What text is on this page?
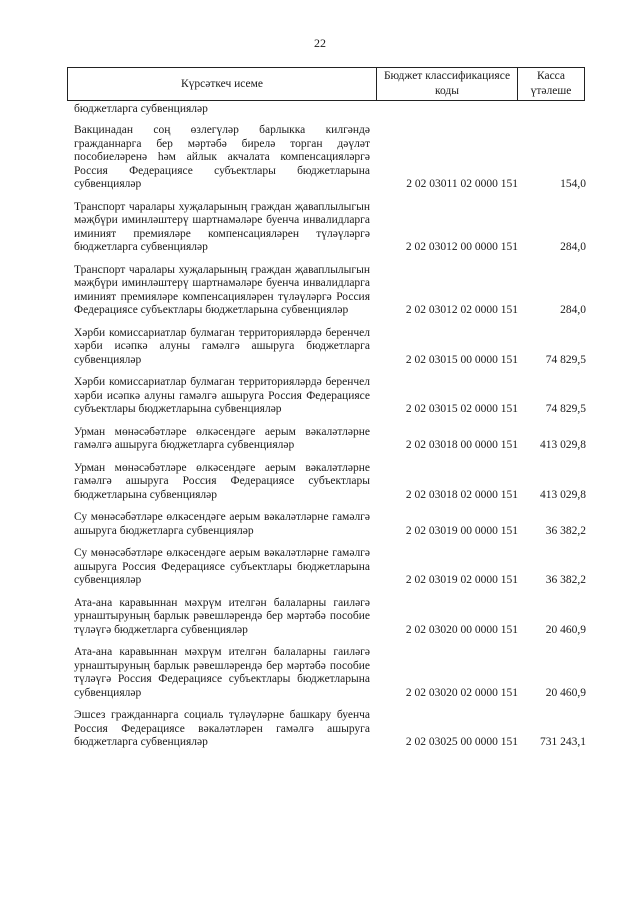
22
Күрсәткеч исеме
Бюджет классификациясе коды
Касса үтәлеше
бюджетларга субвенцияләр
Вакцинадан соң өзлегүләр барлыкка килгәндә гражданнарга бер мәртәбә бирелә торган дәүләт пособиеләренә һәм айлык акчалата компенсацияләргә Россия Федерациясе субъектлары бюджетларына субвенцияләр	2 02 03011 02 0000 151	154,0
Транспорт чаралары хуҗаларының граждан җаваплылыгын мәҗбүри иминләштерү шартнамәләре буенча инвалидларга иминият премияләре компенсацияләрен түләүләргә бюджетларга субвенцияләр	2 02 03012 00 0000 151	284,0
Транспорт чаралары хуҗаларының граждан җаваплылыгын мәҗбүри иминләштерү шартнамәләре буенча инвалидларга иминият премияләре компенсацияләрен түләүләргә Россия Федерациясе субъектлары бюджетларына субвенцияләр	2 02 03012 02 0000 151	284,0
Хәрби комиссариатлар булмаган территорияләрдә беренчел хәрби исәпкә алуны гамәлгә ашыруга бюджетларга субвенцияләр	2 02 03015 00 0000 151	74 829,5
Хәрби комиссариатлар булмаган территорияләрдә беренчел хәрби исәпкә алуны гамәлгә ашыруга Россия Федерациясе субъектлары бюджетларына субвенцияләр	2 02 03015 02 0000 151	74 829,5
Урман мөнәсәбәтләре өлкәсендәге аерым вәкаләтләрне гамәлгә ашыруга бюджетларга субвенцияләр	2 02 03018 00 0000 151	413 029,8
Урман мөнәсәбәтләре өлкәсендәге аерым вәкаләтләрне гамәлгә ашыруга Россия Федерациясе субъектлары бюджетларына субвенцияләр	2 02 03018 02 0000 151	413 029,8
Су мөнәсәбәтләре өлкәсендәге аерым вәкаләтләрне гамәлгә ашыруга бюджетларга субвенцияләр	2 02 03019 00 0000 151	36 382,2
Су мөнәсәбәтләре өлкәсендәге аерым вәкаләтләрне гамәлгә ашыруга Россия Федерациясе субъектлары бюджетларына субвенцияләр	2 02 03019 02 0000 151	36 382,2
Ата-ана каравыннан мәхрүм ителгән балаларны гаиләгә урнаштыруның барлык рәвешләрендә бер мәртәбә пособие түләүгә бюджетларга субвенцияләр	2 02 03020 00 0000 151	20 460,9
Ата-ана каравыннан мәхрүм ителгән балаларны гаиләгә урнаштыруның барлык рәвешләрендә бер мәртәбә пособие түләүгә Россия Федерациясе субъектлары бюджетларына субвенцияләр	2 02 03020 02 0000 151	20 460,9
Эшсез гражданнарга социаль түләүләрне башкару буенча Россия Федерациясе вәкаләтләрен гамәлгә ашыруга бюджетларга субвенцияләр	2 02 03025 00 0000 151	731 243,1
